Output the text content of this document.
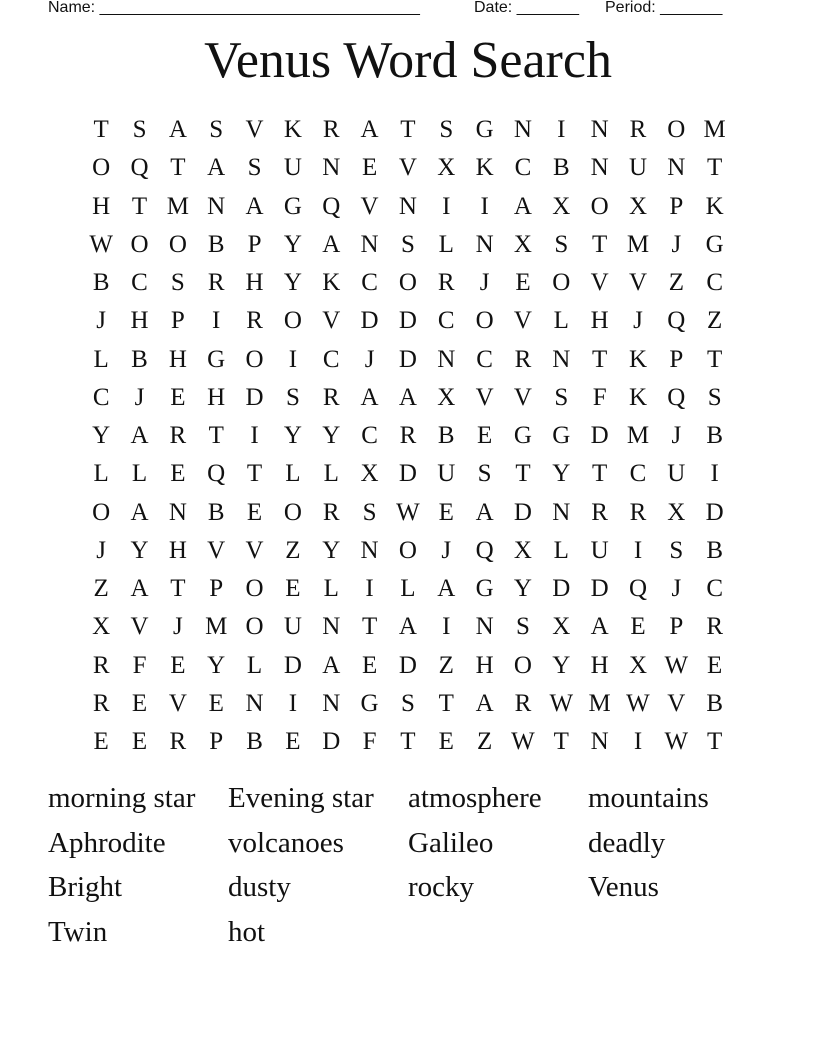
Name: ____________________________________	Date: _______ Period: _______
Venus Word Search
T S A S V K R A T S G N	I	N R O M
O Q T A S U N E V X K C B N U N T
H T M N A G Q V N	I	I	A X O X P K
W O O B P Y A N S L N X S T M J G
B C S R H Y K C O R	J	E O V V Z C
J H P	I	R O V D D C O V L H J Q Z
L B H G O	I	C	J D N C R N T K P T
C	J	E H D S R A A X V V S F K Q S
Y A R T	I	Y Y C R B E G G D M J	B
L L E Q T L L X D U S T Y T C U	I
O A N B E O R S W E A D N R R X D
J Y H V V Z Y N O J Q X L U	I	S B
Z A T P O E L	I	L A G Y D D Q J	C
X V J M O U N T A	I	N S X A E P R
R F E Y L D A E D Z H O Y H X W E
R E V E N	I	N G S T A R W M W V B
E E R P B E D F T E Z W T N	I W T
morning star	Evening star	atmosphere	mountains
Aphrodite	volcanoes	Galileo	deadly
Bright	dusty	rocky	Venus
Twin	hot
